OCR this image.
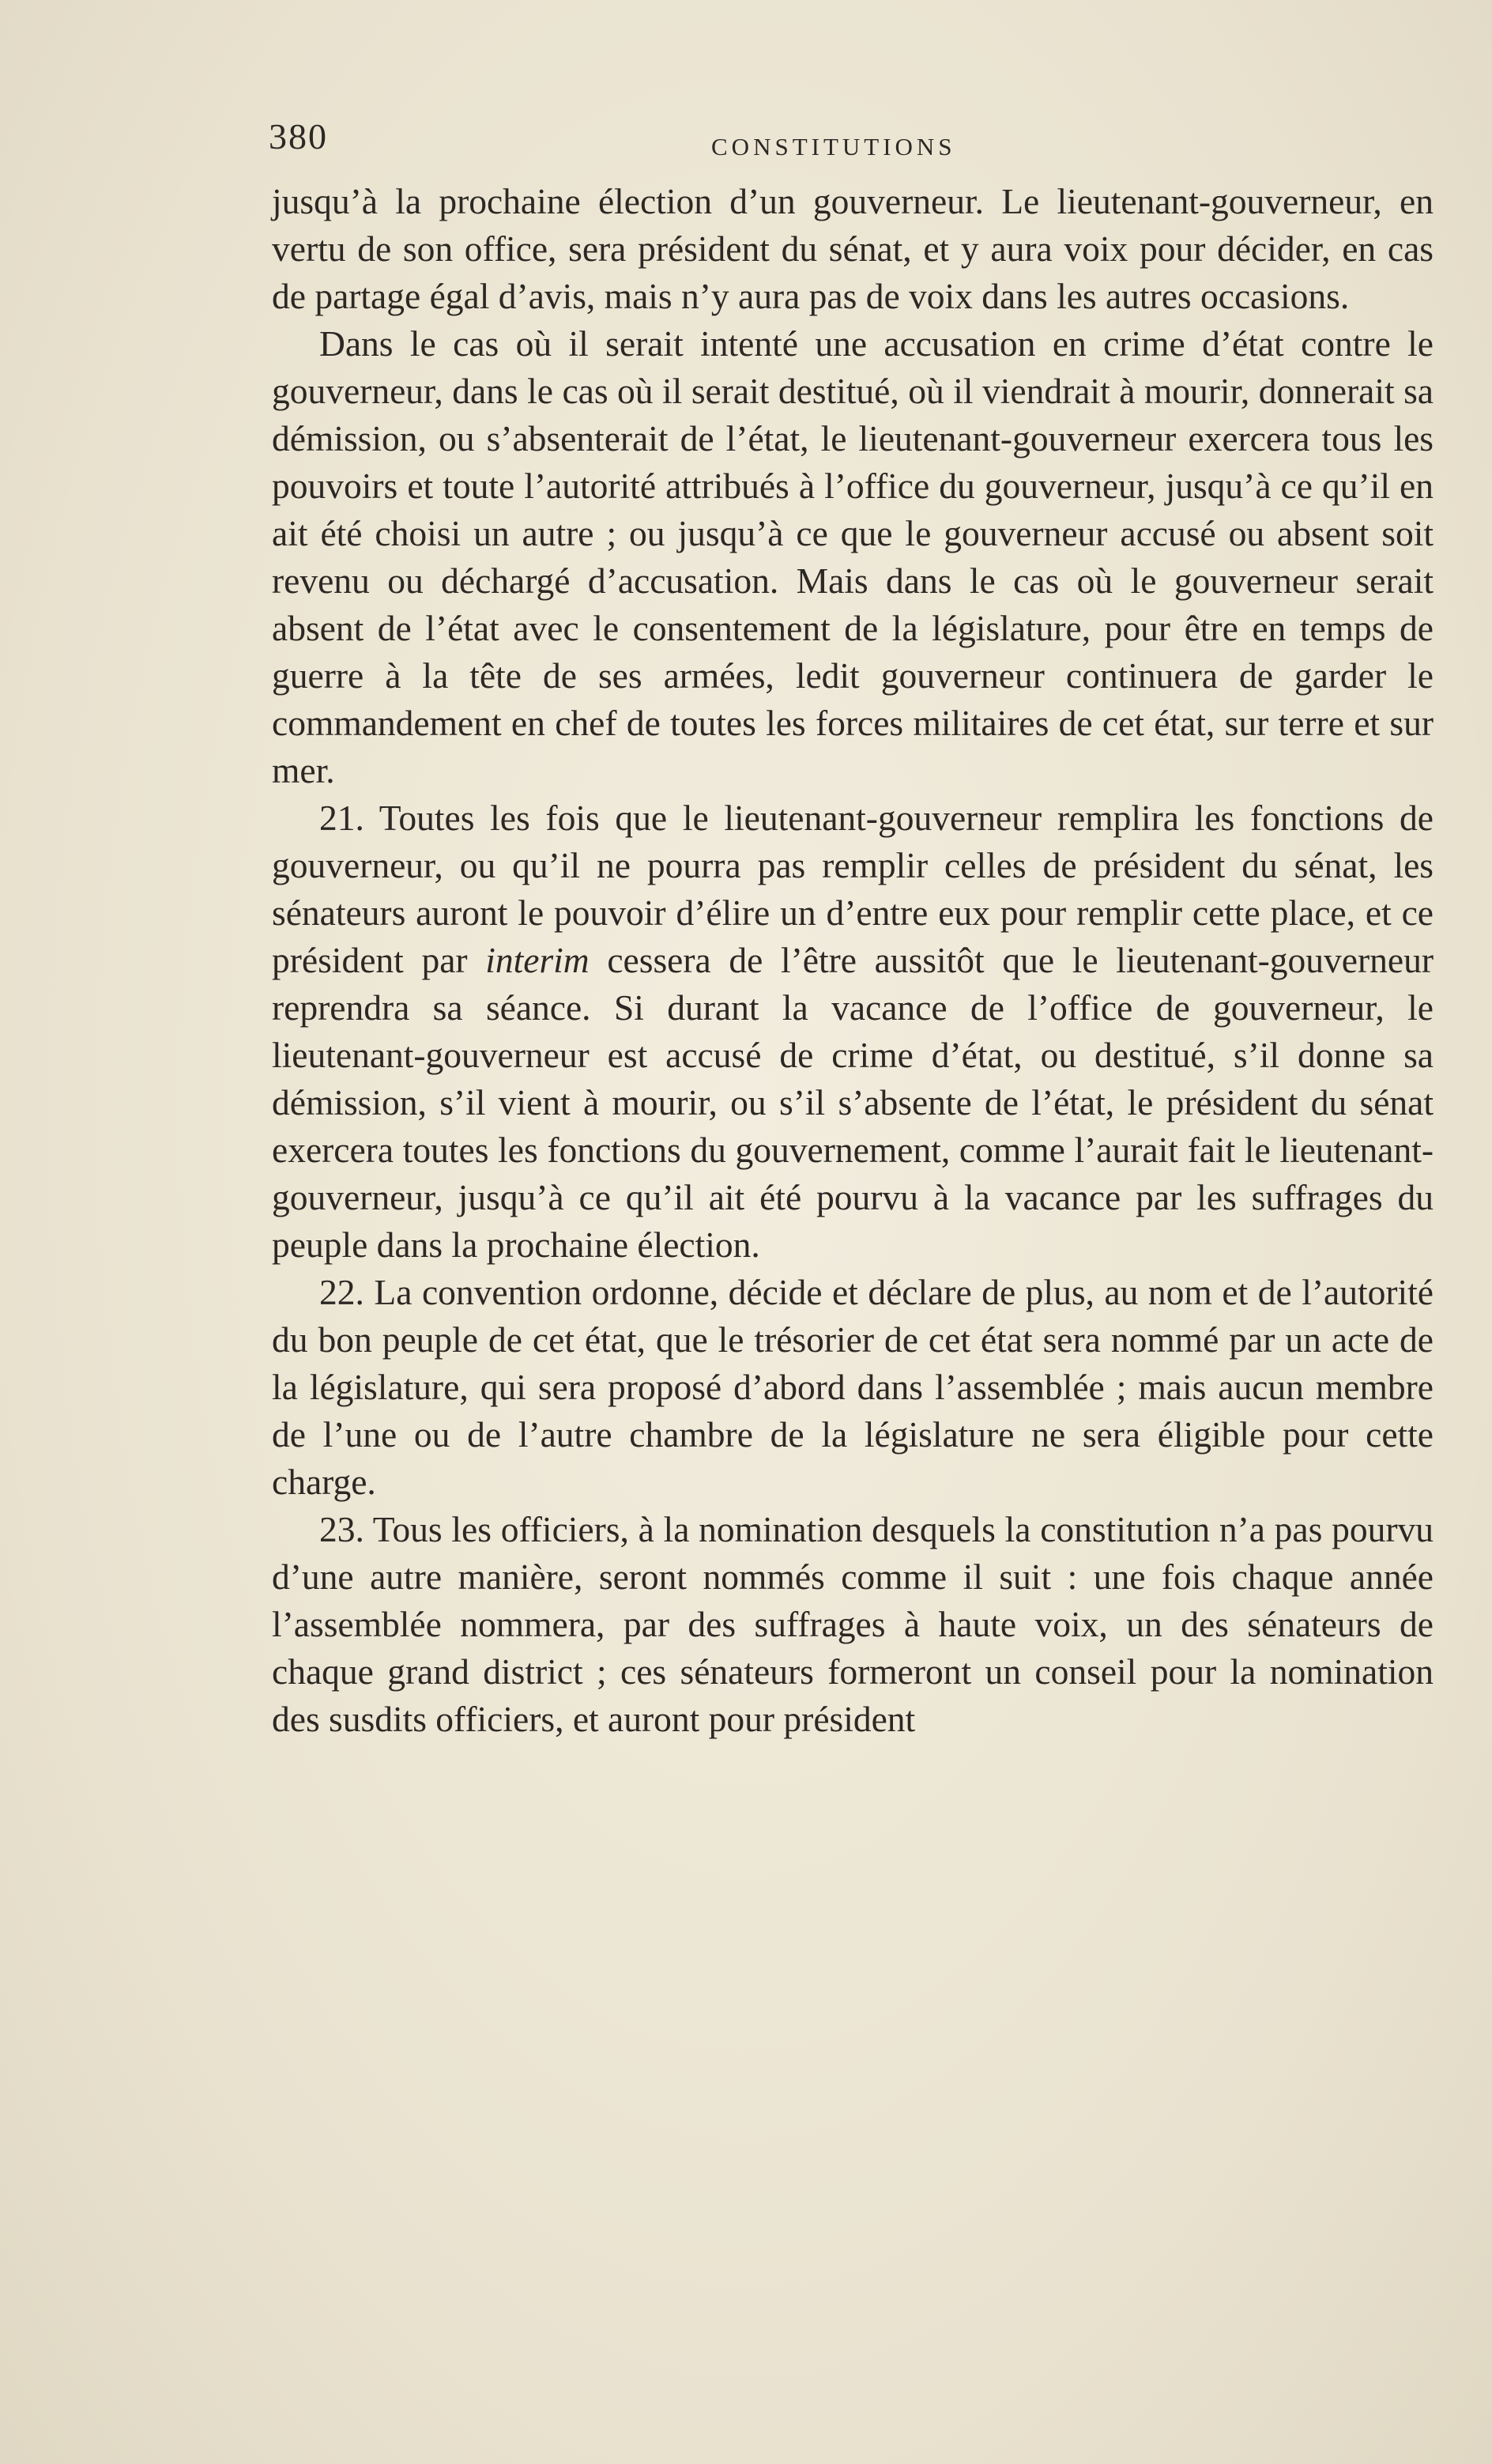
380	CONSTITUTIONS

jusqu’à la prochaine élection d’un gouverneur. Le lieutenant-gouverneur, en vertu de son office, sera président du sénat, et y aura voix pour décider, en cas de partage égal d’avis, mais n’y aura pas de voix dans les autres occasions.

Dans le cas où il serait intenté une accusation en crime d’état contre le gouverneur, dans le cas où il serait destitué, où il viendrait à mourir, donnerait sa démission, ou s’absenterait de l’état, le lieutenant-gouverneur exercera tous les pouvoirs et toute l’autorité attribués à l’office du gouverneur, jusqu’à ce qu’il en ait été choisi un autre ; ou jusqu’à ce que le gouverneur accusé ou absent soit revenu ou déchargé d’accusation. Mais dans le cas où le gouverneur serait absent de l’état avec le consentement de la législature, pour être en temps de guerre à la tête de ses armées, ledit gouverneur continuera de garder le commandement en chef de toutes les forces militaires de cet état, sur terre et sur mer.

21. Toutes les fois que le lieutenant-gouverneur remplira les fonctions de gouverneur, ou qu’il ne pourra pas remplir celles de président du sénat, les sénateurs auront le pouvoir d’élire un d’entre eux pour remplir cette place, et ce président par interim cessera de l’être aussitôt que le lieutenant-gouverneur reprendra sa séance. Si durant la vacance de l’office de gouverneur, le lieutenant-gouverneur est accusé de crime d’état, ou destitué, s’il donne sa démission, s’il vient à mourir, ou s’il s’absente de l’état, le président du sénat exercera toutes les fonctions du gouvernement, comme l’aurait fait le lieutenant-gouverneur, jusqu’à ce qu’il ait été pourvu à la vacance par les suffrages du peuple dans la prochaine élection.

22. La convention ordonne, décide et déclare de plus, au nom et de l’autorité du bon peuple de cet état, que le trésorier de cet état sera nommé par un acte de la législature, qui sera proposé d’abord dans l’assemblée ; mais aucun membre de l’une ou de l’autre chambre de la législature ne sera éligible pour cette charge.

23. Tous les officiers, à la nomination desquels la constitution n’a pas pourvu d’une autre manière, seront nommés comme il suit : une fois chaque année l’assemblée nommera, par des suffrages à haute voix, un des sénateurs de chaque grand district ; ces sénateurs formeront un conseil pour la nomination des susdits officiers, et auront pour président
